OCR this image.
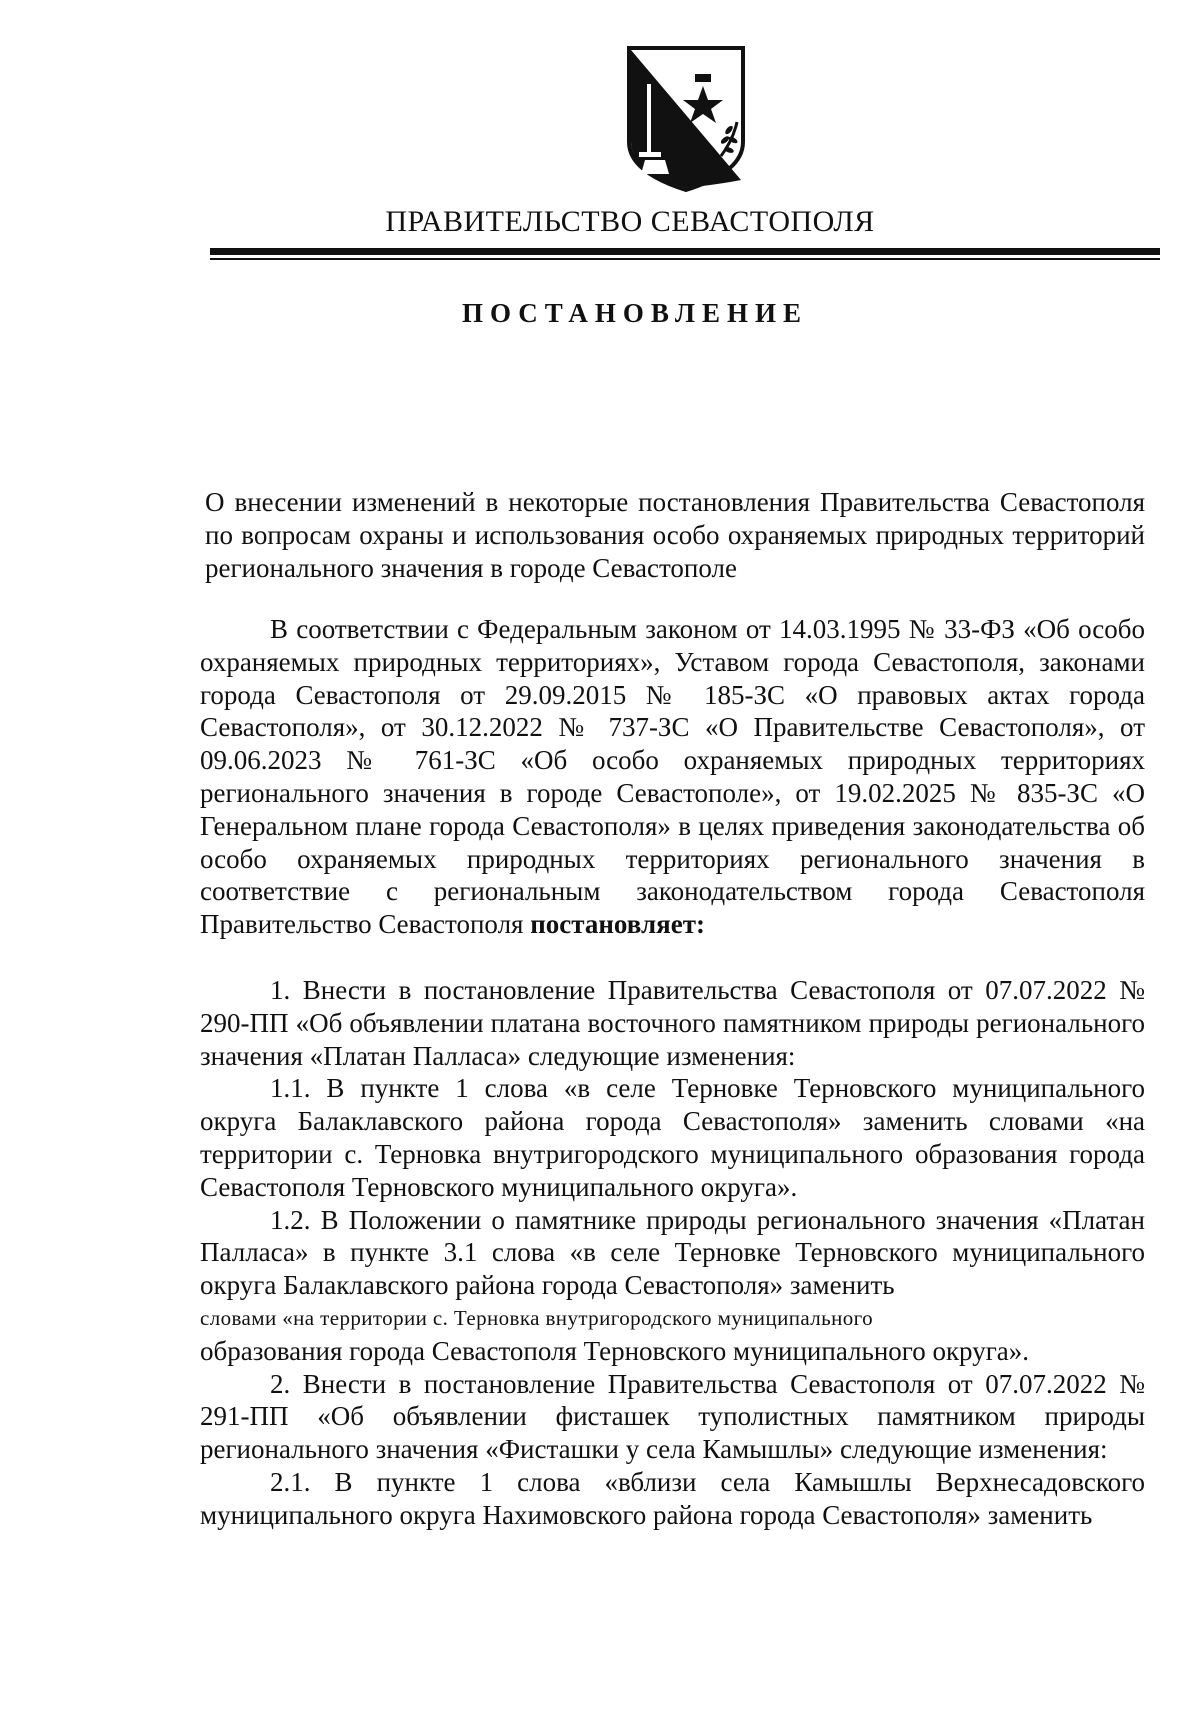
ПРАВИТЕЛЬСТВО СЕВАСТОПОЛЯ
ПОСТАНОВЛЕНИЕ
О внесении изменений в некоторые постановления Правительства Севастополя по вопросам охраны и использования особо охраняемых природных территорий регионального значения в городе Севастополе

В соответствии с Федеральным законом от 14.03.1995 № 33-ФЗ «Об особо охраняемых природных территориях», Уставом города Севастополя, законами города Севастополя от 29.09.2015 № 185-ЗС «О правовых актах города Севастополя», от 30.12.2022 № 737-ЗС «О Правительстве Севастополя», от 09.06.2023 № 761-ЗС «Об особо охраняемых природных территориях регионального значения в городе Севастополе», от 19.02.2025 № 835-ЗС «О Генеральном плане города Севастополя» в целях приведения законодательства об особо охраняемых природных территориях регионального значения в соответствие с региональным законодательством города Севастополя Правительство Севастополя постановляет:

1. Внести в постановление Правительства Севастополя от 07.07.2022 № 290-ПП «Об объявлении платана восточного памятником природы регионального значения «Платан Палласа» следующие изменения:

1.1. В пункте 1 слова «в селе Терновке Терновского муниципального округа Балаклавского района города Севастополя» заменить словами «на территории с. Терновка внутригородского муниципального образования города Севастополя Терновского муниципального округа».

1.2. В Положении о памятнике природы регионального значения «Платан Палласа» в пункте 3.1 слова «в селе Терновке Терновского муниципального округа Балаклавского района города Севастополя» заменить

словами «на территории с. Терновка внутригородского муниципального

образования города Севастополя Терновского муниципального округа».

2. Внести в постановление Правительства Севастополя от 07.07.2022 № 291-ПП «Об объявлении фисташек туполистных памятником природы регионального значения «Фисташки у села Камышлы» следующие изменения:

2.1. В пункте 1 слова «вблизи села Камышлы Верхнесадовского муниципального округа Нахимовского района города Севастополя» заменить
